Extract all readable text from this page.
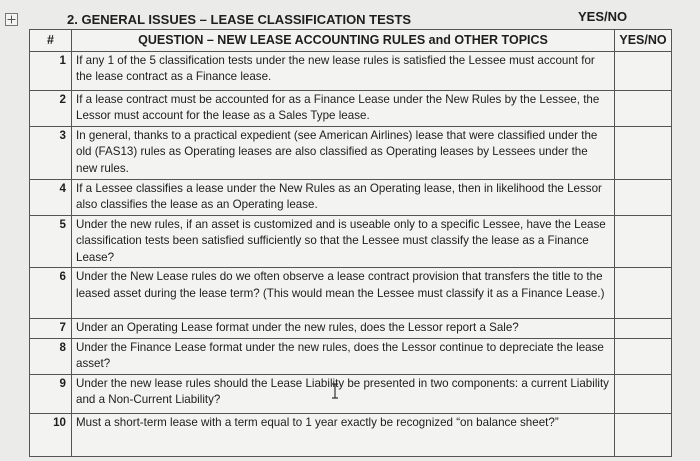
2. GENERAL ISSUES – LEASE CLASSIFICATION TESTS	YES/NO
#	QUESTION – NEW LEASE ACCOUNTING RULES and OTHER TOPICS	YES/NO
1	If any 1 of the 5 classification tests under the new lease rules is satisfied the Lessee must account for the lease contract as a Finance lease.	
2	If a lease contract must be accounted for as a Finance Lease under the New Rules by the Lessee, the Lessor must account for the lease as a Sales Type lease.	
3	In general, thanks to a practical expedient (see American Airlines) lease that were classified under the old (FAS13) rules as Operating leases are also classified as Operating leases by Lessees under the new rules.	
4	If a Lessee classifies a lease under the New Rules as an Operating lease, then in likelihood the Lessor also classifies the lease as an Operating lease.	
5	Under the new rules, if an asset is customized and is useable only to a specific Lessee, have the Lease classification tests been satisfied sufficiently so that the Lessee must classify the lease as a Finance Lease?	
6	Under the New Lease rules do we often observe a lease contract provision that transfers the title to the leased asset during the lease term? (This would mean the Lessee must classify it as a Finance Lease.)	
7	Under an Operating Lease format under the new rules, does the Lessor report a Sale?	
8	Under the Finance Lease format under the new rules, does the Lessor continue to depreciate the lease asset?	
9	Under the new lease rules should the Lease Liability be presented in two components: a current Liability and a Non-Current Liability?	
10	Must a short-term lease with a term equal to 1 year exactly be recognized “on balance sheet?”	
